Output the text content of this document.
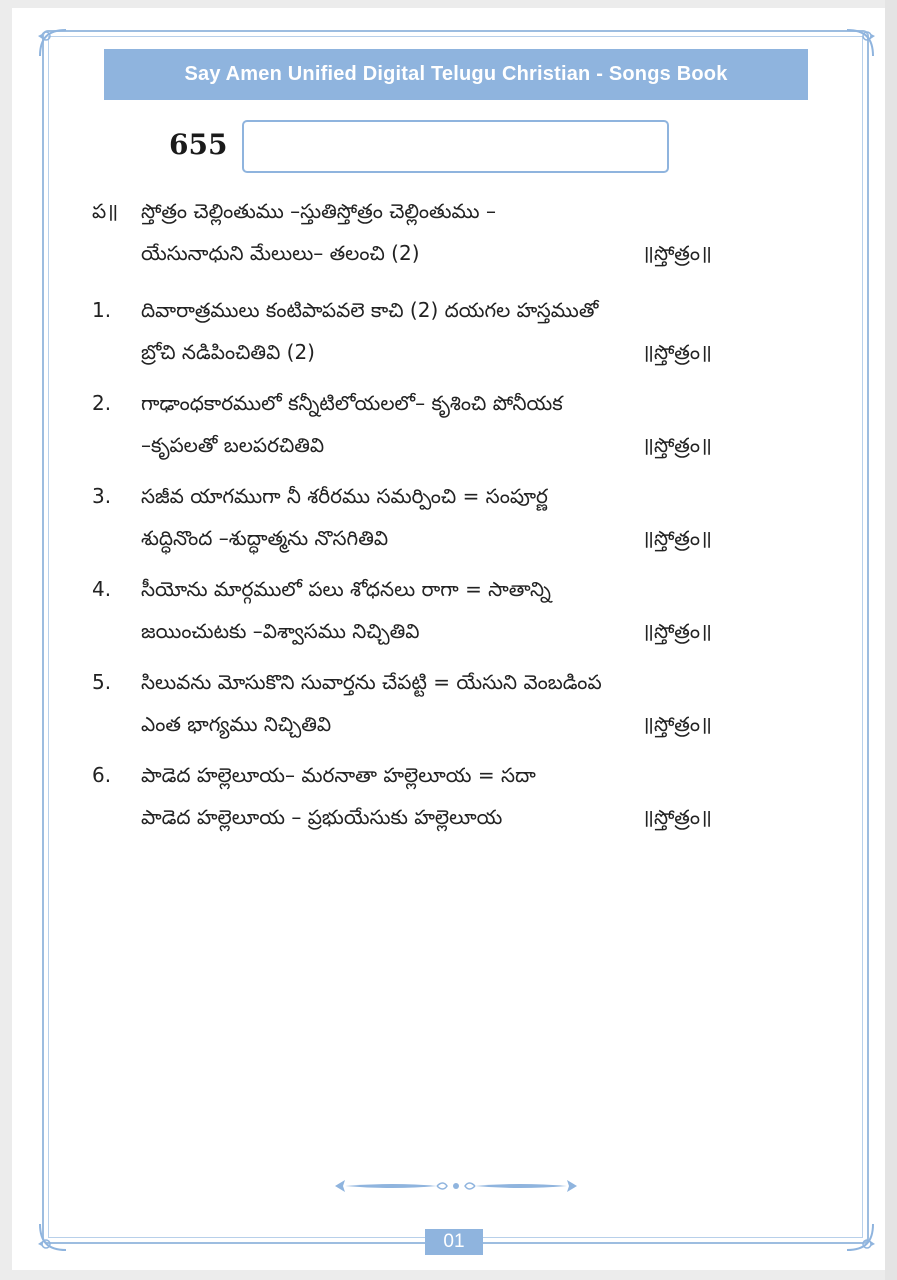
Say Amen Unified Digital Telugu Christian - Songs Book
655
ప॥ స్తోత్రం చెల్లింతుము –స్తుతిస్తోత్రం చెల్లింతుము –
యేసునాధుని మేలులు– తలంచి (2)	॥స్తోత్రం॥
1. దివారాత్రములు కంటిపాపవలె కాచి (2) దయగల హస్తముతో
బ్రోచి నడిపించితివి (2)	॥స్తోత్రం॥
2. గాఢాంధకారములో కన్నీటిలోయలలో– కృశించి పోనీయక
–కృపలతో బలపరచితివి	॥స్తోత్రం॥
3. సజీవ యాగముగా నీ శరీరము సమర్పించి = సంపూర్ణ
శుద్ధినొంద –శుద్ధాత్మను నొసగితివి	॥స్తోత్రం॥
4. సీయోను మార్గములో పలు శోధనలు రాగా = సాతాన్ని
జయించుటకు –విశ్వాసము నిచ్చితివి	॥స్తోత్రం॥
5. సిలువను మోసుకొని సువార్తను చేపట్టి = యేసుని వెంబడింప
ఎంత భాగ్యము నిచ్చితివి	॥స్తోత్రం॥
6. పాడెద హల్లెలూయ– మరనాతా హల్లెలూయ = సదా
పాడెద హల్లెలూయ – ప్రభుయేసుకు హల్లెలూయ	॥స్తోత్రం॥
01
